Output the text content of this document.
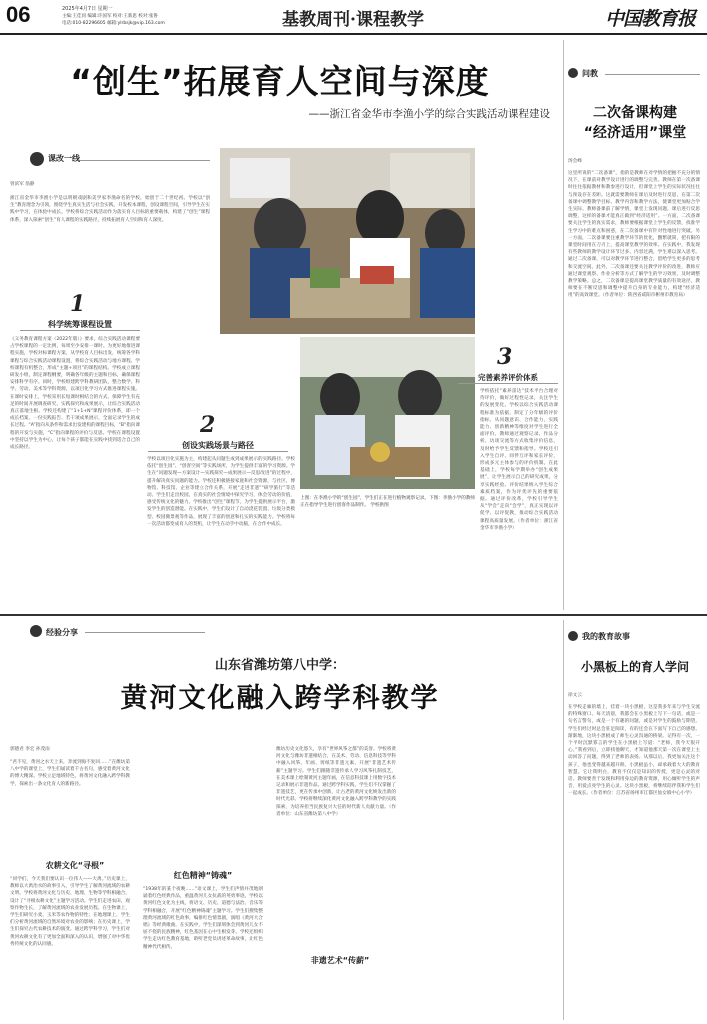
06	2025年4月7日 星期一
主编:王佳同 编辑:许国军 校对:王新思 校对:张鲁
电话:010-82296605 邮箱:ylrbsjk@vip.163.com	基教周刊·课程教学	中国教育报
“创生”拓展育人空间与深度
——浙江省金华市李渔小学的综合实践活动课程建设
课改一线
曾滨军 翁静
浙江省金华市李渔小学是以明朝戏剧和美学家李渔命名的学校，始创于二十世纪初。学校以“创生”教育理念为引领，围绕学生真实生活与社会实践，开发校本课程，创设课程空间，引导学生在实践中学习，在体验中成长。学校将综合实践活动作为落实育人目标的重要载体，构建了“创生”课程体系，深入探索“创生”育人课程的实践路径，持续拓展育人空间和育人深度。
1
科学统筹课程设置
《义务教育课程方案（2022年版）》要求，综合实践活动课程要占学校课程的一定比例，每周至少安排一课时。为更好地推进课程实施，学校对标课程方案，从学校育人目标出发，统筹各学科课程与综合实践活动课程设置，将综合实践活动与地方课程、学校课程有机整合，形成“主题+项目”的课程结构。学校成立课程研发小组，制定课程纲要，明确各年级的主题和目标，确保课程安排科学有序。同时，学校组建跨学科教研团队，整合数学、科学、劳动、美术等学科资源，以项目化学习方式推进课程实施。在课时安排上，学校采用长短课时相结合的方式，保障学生有充足的时间开展调查研究、实践探究和成果展示，让综合实践活动真正落地生根。学校还构建了“1+1+N”课程评价体系，即一个成长档案、一份实践报告、若干项成果展示，全面记录学生的成长过程。“A”指向从条件和需求出发建构的课程目标，“B”指向课程的开发与实施，“C”指向课程的评价与反思。学校在课程设置中坚持以学生为中心，让每个孩子都能在实践中找到适合自己的成长路径。
上图：在李渔小学的“创生园”，学生们正在进行植物观察记录。下图：李渔小学的教师正在指导学生进行创客作品制作。 学校供图
2
创设实践场景与路径
学校以项目化实施为主，构建起从问题生成到成果展示的实践路径。学校依托“创生园”、“创客空间”等实践场所，为学生提供丰富的学习资源。学生在“问题发现—方案设计—实践探究—成果展示—反思改进”的过程中，提升解决真实问题的能力。学校还积极链接家庭和社会资源，与社区、博物馆、科技馆、企业等建立合作关系，开展“走进非遗”“研学旅行”等活动。学生们走出校园，在真实的社会情境中探究学习，体会劳动的价值，感受传统文化的魅力。学校推出“创生”课程节，为学生提供展示平台，激发学生的创造潜能。在实践中，学生们设计了自动浇花装置、垃圾分类模型、校园微景观等作品，展现了丰富的创意和扎实的实践能力。学校将每一次活动都变成育人的契机，让学生在动手中动脑，在合作中成长。
3
完善素养评价体系
学校依托“素养雷达”技术平台合理对待评价，做好过程性记录，关注学生的发展变化。学校以综合实践活动课程标准为依据，制定了分年级的评价指标，从问题意识、合作能力、实践能力、创新精神等维度对学生进行全面评价。教师通过观察记录、作品分析、访谈交流等方式收集评价信息，及时给予学生反馈和指导。学校还引入学生自评、同伴互评和家长评价，形成多元主体参与的评价机制。在此基础上，学校每学期举办“创生成果展”，让学生展示自己的研究成果，分享实践经验。评价结果纳入学生综合素质档案，作为评优评先的重要依据。通过评价改革，学校引导学生从“学会”走向“会学”，真正实现以评促学、以评促教，推动综合实践活动课程高质量发展。（作者单位：浙江省金华市李渔小学）
问教
二次备课构建
“经济适用”课堂
汤会峰
这里所说的“二次备课”，指的是教师在对学情的把握不充分的情况下，在课前对教学设计进行的调整与完善。教师在第一次备课时往往依据教材和教参进行设计，但课堂上学生的实际状况往往与预设存在差距。这就需要教师在课后及时进行反思，在第二次备课中调整教学目标、教学内容和教学方法，使课堂更加贴合学生实际。教师备课前了解学情，课堂上发现问题，课后进行反思调整，这样的备课才能真正做到“经济适用”。一方面，二次备课要关注学生的真实需求，教师要根据课堂上学生的反馈，找准学生学习中的难点和困惑，在二次备课中有针对性地进行突破。另一方面，二次备课要注重教学环节的优化，删繁就简，把有限的课堂时间用在刀刃上，提高课堂教学的效率。在实践中，我发现有些教师的教学设计环节过多、内容过满，学生难以深入思考。通过二次备课，可以对教学环节进行整合，留给学生更多的思考和交流空间。此外，二次备课还要关注教学评价的改进，教师应通过课堂观察、作业分析等方式了解学生的学习效果，及时调整教学策略。总之，二次备课是提高课堂教学质量的有效途径，教师要在不断反思和调整中提升自身的专业能力，构建“经济适用”的高效课堂。（作者单位：陕西省咸阳市彬州市教育局）
经验分享
山东省潍坊第八中学：
黄河文化融入跨学科教学
郭德君 李宏 孙茂雨
“君不见，黄河之水天上来，奔流到海不复回……”在潍坊第八中学的课堂上，学生们诵读着千古名句，感受着黄河文化的博大精深。学校立足地域特色，将黄河文化融入跨学科教学，探索出一条文化育人的新路径。
农耕文化“寻根”
“同学们，今天我们要认识一位伟人——大禹。”历史课上，教师以大禹治水的故事引入，引导学生了解黄河流域的农耕文明。学校将黄河文化与历史、地理、生物等学科相融合，设计了“寻根农耕文化”主题学习活动。学生们走进农田，观察作物生长，了解黄河流域的农业发展历程。在生物课上，学生们研究小麦、玉米等农作物的特性；在地理课上，学生们分析黄河流域的自然环境对农业的影响；在历史课上，学生们探究古代农耕技术的演变。通过跨学科学习，学生们对黄河农耕文化有了更加全面和深入的认识，增强了对中华优秀传统文化的认同感。
红色精神“铸魂”
“1938年的某个夜晚……”语文课上，学生们声情并茂地朗诵着红色经典作品，重温黄河儿女抗战的英勇事迹。学校以黄河红色文化为主线，将语文、历史、道德与法治、音乐等学科相融合，开展“红色精神铸魂”主题学习。学生们搜集整理黄河流域的红色故事，编排红色情景剧，演唱《黄河大合唱》等经典歌曲。在实践中，学生们深刻体会到黄河儿女不屈不挠的民族精神，红色基因在心中生根发芽。学校还组织学生走访红色教育基地，聆听老党员讲述革命故事，让红色精神代代相传。
非遗艺术“传薪”
潍坊历史文化悠久，享有“世界风筝之都”的美誉。学校将黄河文化与潍坊非遗相结合，在美术、劳动、信息科技等学科中融入风筝、年画、剪纸等非遗元素，开展“非遗艺术传薪”主题学习。学生们跟随非遗传承人学习风筝扎制技艺，在美术课上绘制黄河主题年画，在信息科技课上用数字技术记录和展示非遗作品。通过跨学科实践，学生们不仅掌握了非遗技艺，更在传承中创新，让古老的黄河文化焕发出新的时代光彩。学校将继续深化黄河文化融入跨学科教学的实践探索，为培养担当民族复兴大任的时代新人贡献力量。（作者单位：山东省潍坊第八中学）
我的教育故事
小黑板上的育人学问
徐文云
在学校走廊的墙上，挂着一块小黑板，这是我多年来与学生交流的特殊窗口。每天清晨，我都会在小黑板上写下一句话，或是一句名言警句，或是一个有趣的问题，或是对学生的鼓励与期望。学生们经过时总会驻足阅读，有的还会在下面写下自己的感想。渐渐地，这块小黑板成了师生心灵沟通的桥梁。记得有一次，一个平时沉默寡言的学生在小黑板上写道：“老师，我今天很开心。”我看到后，立即找他聊天，才知道他那天第一次在课堂上主动回答了问题，得到了老师的表扬。从那以后，我更加关注这个孩子，他也变得越来越开朗。小黑板虽小，却承载着大大的教育智慧。它让我明白，教育不仅仅是知识的传授，更是心灵的对话。教师要善于发现和利用身边的教育资源，用心倾听学生的声音，用爱点亮学生的心灵。这块小黑板，将继续陪伴我和学生们一起成长。（作者单位：江苏省扬州市江都区仙女镇中心小学）
